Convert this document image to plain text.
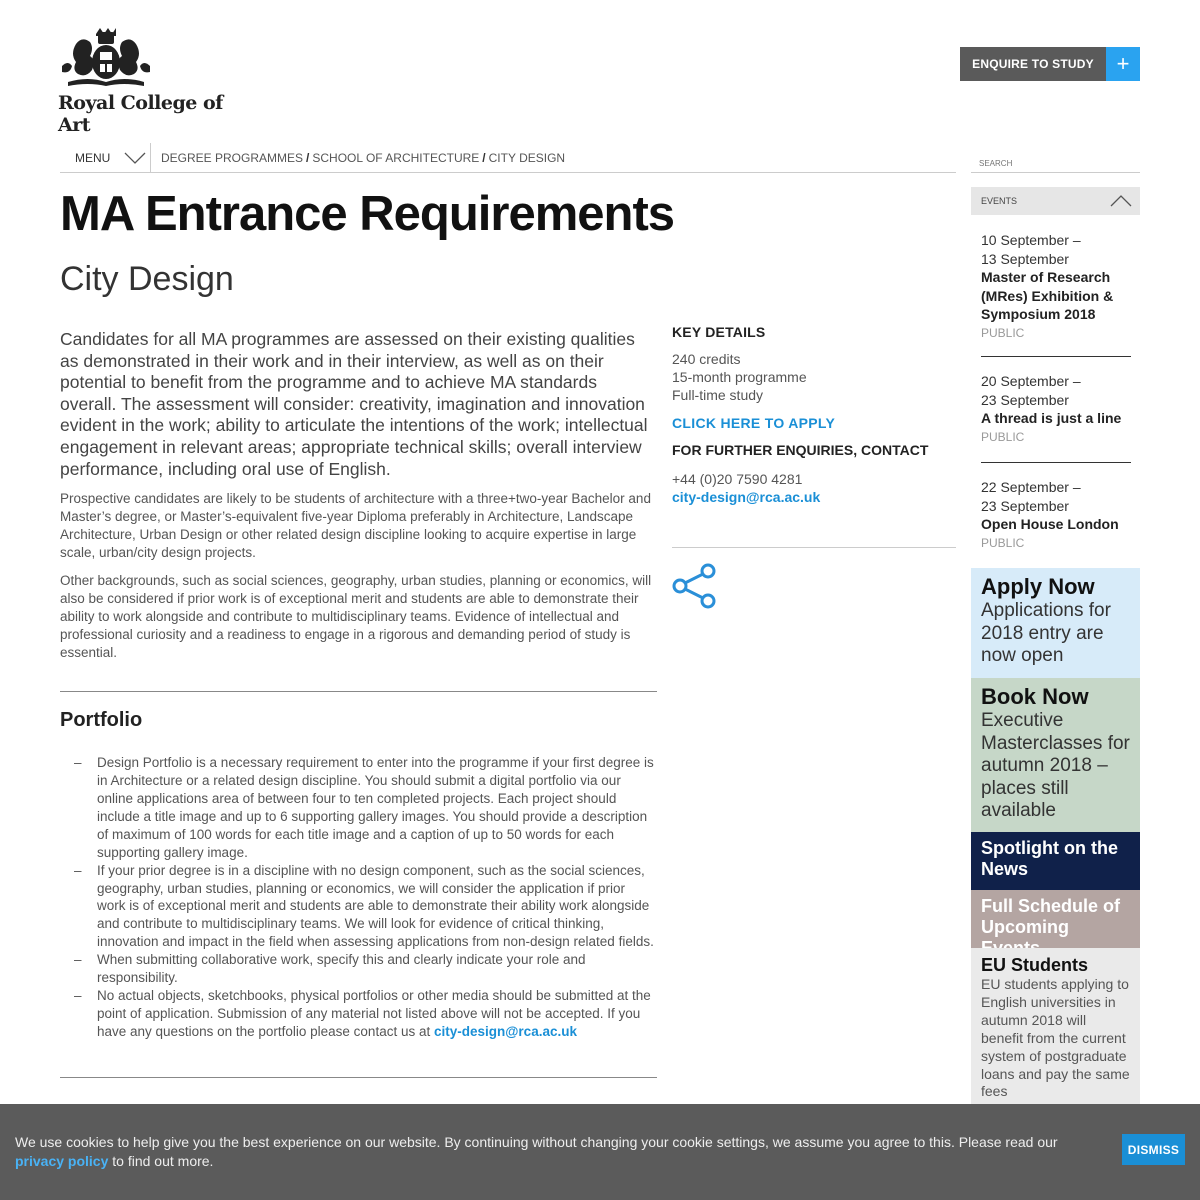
Royal College of Art
ENQUIRE TO STUDY	+
MENU	DEGREE PROGRAMMES / SCHOOL OF ARCHITECTURE / CITY DESIGN
SEARCH
MA Entrance Requirements
City Design

Candidates for all MA programmes are assessed on their existing qualities as demonstrated in their work and in their interview, as well as on their potential to benefit from the programme and to achieve MA standards overall. The assessment will consider: creativity, imagination and innovation evident in the work; ability to articulate the intentions of the work; intellectual engagement in relevant areas; appropriate technical skills; overall interview performance, including oral use of English.

Prospective candidates are likely to be students of architecture with a three+two-year Bachelor and Master’s degree, or Master’s-equivalent five-year Diploma preferably in Architecture, Landscape Architecture, Urban Design or other related design discipline looking to acquire expertise in large scale, urban/city design projects.

Other backgrounds, such as social sciences, geography, urban studies, planning or economics, will also be considered if prior work is of exceptional merit and students are able to demonstrate their ability to work alongside and contribute to multidisciplinary teams. Evidence of intellectual and professional curiosity and a readiness to engage in a rigorous and demanding period of study is essential.

Portfolio
– Design Portfolio is a necessary requirement to enter into the programme if your first degree is in Architecture or a related design discipline. You should submit a digital portfolio via our online applications area of between four to ten completed projects. Each project should include a title image and up to 6 supporting gallery images. You should provide a description of maximum of 100 words for each title image and a caption of up to 50 words for each supporting gallery image.
– If your prior degree is in a discipline with no design component, such as the social sciences, geography, urban studies, planning or economics, we will consider the application if prior work is of exceptional merit and students are able to demonstrate their ability work alongside and contribute to multidisciplinary teams. We will look for evidence of critical thinking, innovation and impact in the field when assessing applications from non-design related fields.
– When submitting collaborative work, specify this and clearly indicate your role and responsibility.
– No actual objects, sketchbooks, physical portfolios or other media should be submitted at the point of application. Submission of any material not listed above will not be accepted. If you have any questions on the portfolio please contact us at city-design@rca.ac.uk
KEY DETAILS
240 credits
15-month programme
Full-time study
CLICK HERE TO APPLY
FOR FURTHER ENQUIRIES, CONTACT
+44 (0)20 7590 4281
city-design@rca.ac.uk
EVENTS
10 September –
13 September
Master of Research (MRes) Exhibition & Symposium 2018
PUBLIC
20 September –
23 September
A thread is just a line
PUBLIC
22 September –
23 September
Open House London
PUBLIC
Apply Now
Applications for 2018 entry are now open
Book Now
Executive Masterclasses for autumn 2018 – places still available
Spotlight on the News
Full Schedule of Upcoming
EU Students
EU students applying to English universities in autumn 2018 will benefit from the current system of postgraduate loans and pay the same fees
We use cookies to help give you the best experience on our website. By continuing without changing your cookie settings, we assume you agree to this. Please read our
privacy policy to find out more.
DISMISS
